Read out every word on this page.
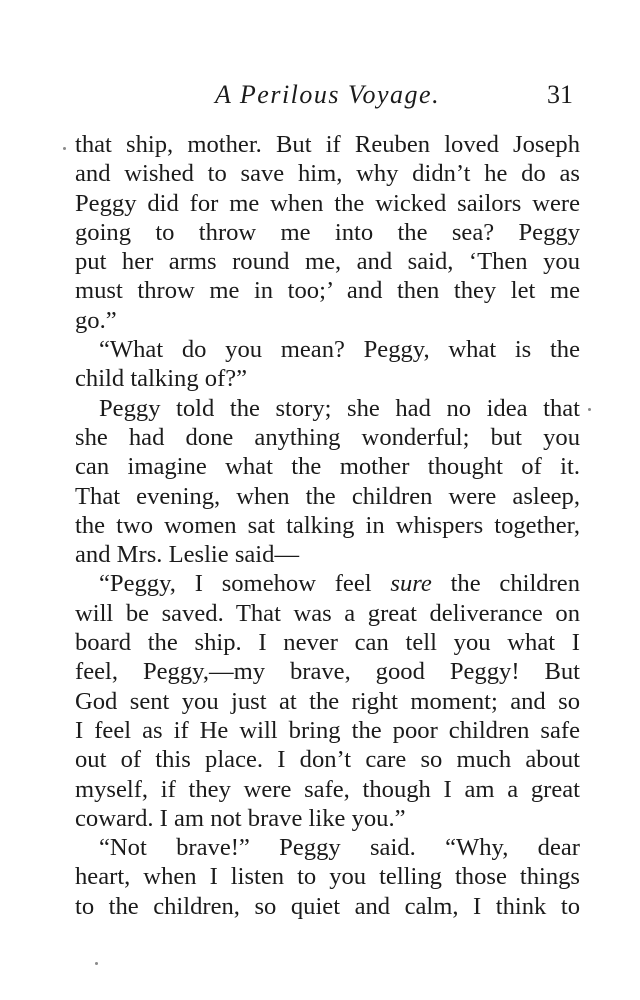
A Perilous Voyage.	31
that ship, mother. But if Reuben loved Joseph
and wished to save him, why didn’t he do as
Peggy did for me when the wicked sailors were
going to throw me into the sea? Peggy
put her arms round me, and said, ‘Then you
must throw me in too;’ and then they let me
go.”
“What do you mean? Peggy, what is the
child talking of?”
Peggy told the story; she had no idea that
she had done anything wonderful; but you
can imagine what the mother thought of it.
That evening, when the children were asleep,
the two women sat talking in whispers together,
and Mrs. Leslie said—
“Peggy, I somehow feel sure the children
will be saved. That was a great deliverance on
board the ship. I never can tell you what I
feel, Peggy,—my brave, good Peggy! But
God sent you just at the right moment; and so
I feel as if He will bring the poor children safe
out of this place. I don’t care so much about
myself, if they were safe, though I am a great
coward. I am not brave like you.”
“Not brave!” Peggy said. “Why, dear
heart, when I listen to you telling those things
to the children, so quiet and calm, I think to
